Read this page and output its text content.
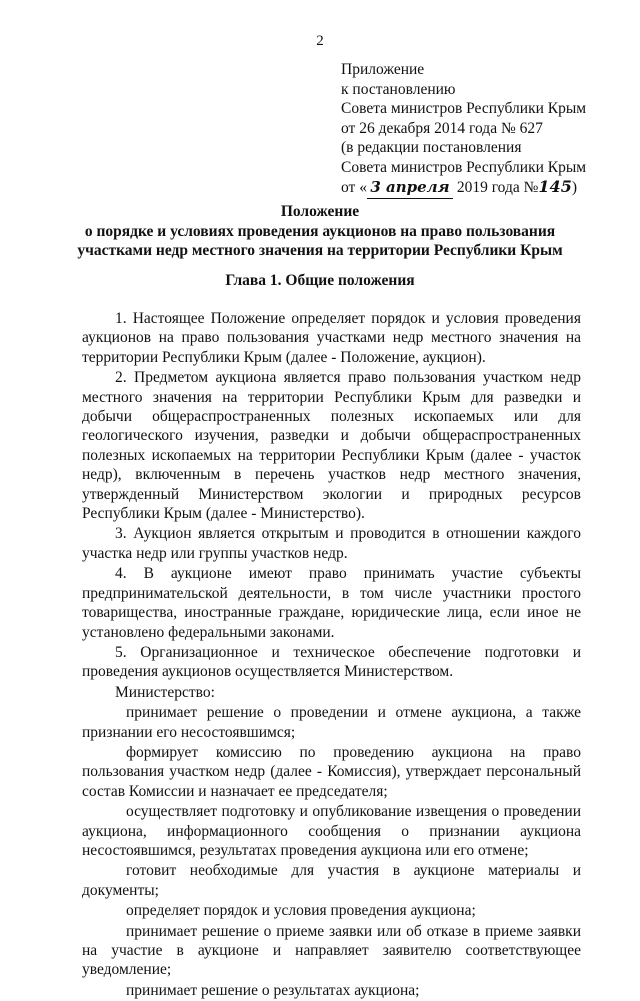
2
Приложение
к постановлению
Совета министров Республики Крым
от 26 декабря 2014 года № 627
(в редакции постановления
Совета министров Республики Крым
от « 3 апреля 2019 года №145)
Положение
о порядке и условиях проведения аукционов на право пользования
участками недр местного значения на территории Республики Крым
Глава 1. Общие положения

1. Настоящее Положение определяет порядок и условия проведения аукционов на право пользования участками недр местного значения на территории Республики Крым (далее - Положение, аукцион).

2. Предметом аукциона является право пользования участком недр местного значения на территории Республики Крым для разведки и добычи общераспространенных полезных ископаемых или для геологического изучения, разведки и добычи общераспространенных полезных ископаемых на территории Республики Крым (далее - участок недр), включенным в перечень участков недр местного значения, утвержденный Министерством экологии и природных ресурсов Республики Крым (далее - Министерство).

3. Аукцион является открытым и проводится в отношении каждого участка недр или группы участков недр.

4. В аукционе имеют право принимать участие субъекты предпринимательской деятельности, в том числе участники простого товарищества, иностранные граждане, юридические лица, если иное не установлено федеральными законами.

5. Организационное и техническое обеспечение подготовки и проведения аукционов осуществляется Министерством.

Министерство:

принимает решение о проведении и отмене аукциона, а также признании его несостоявшимся;

формирует комиссию по проведению аукциона на право пользования участком недр (далее - Комиссия), утверждает персональный состав Комиссии и назначает ее председателя;

осуществляет подготовку и опубликование извещения о проведении аукциона, информационного сообщения о признании аукциона несостоявшимся, результатах проведения аукциона или его отмене;

готовит необходимые для участия в аукционе материалы и документы;

определяет порядок и условия проведения аукциона;

принимает решение о приеме заявки или об отказе в приеме заявки на участие в аукционе и направляет заявителю соответствующее уведомление;

принимает решение о результатах аукциона;
